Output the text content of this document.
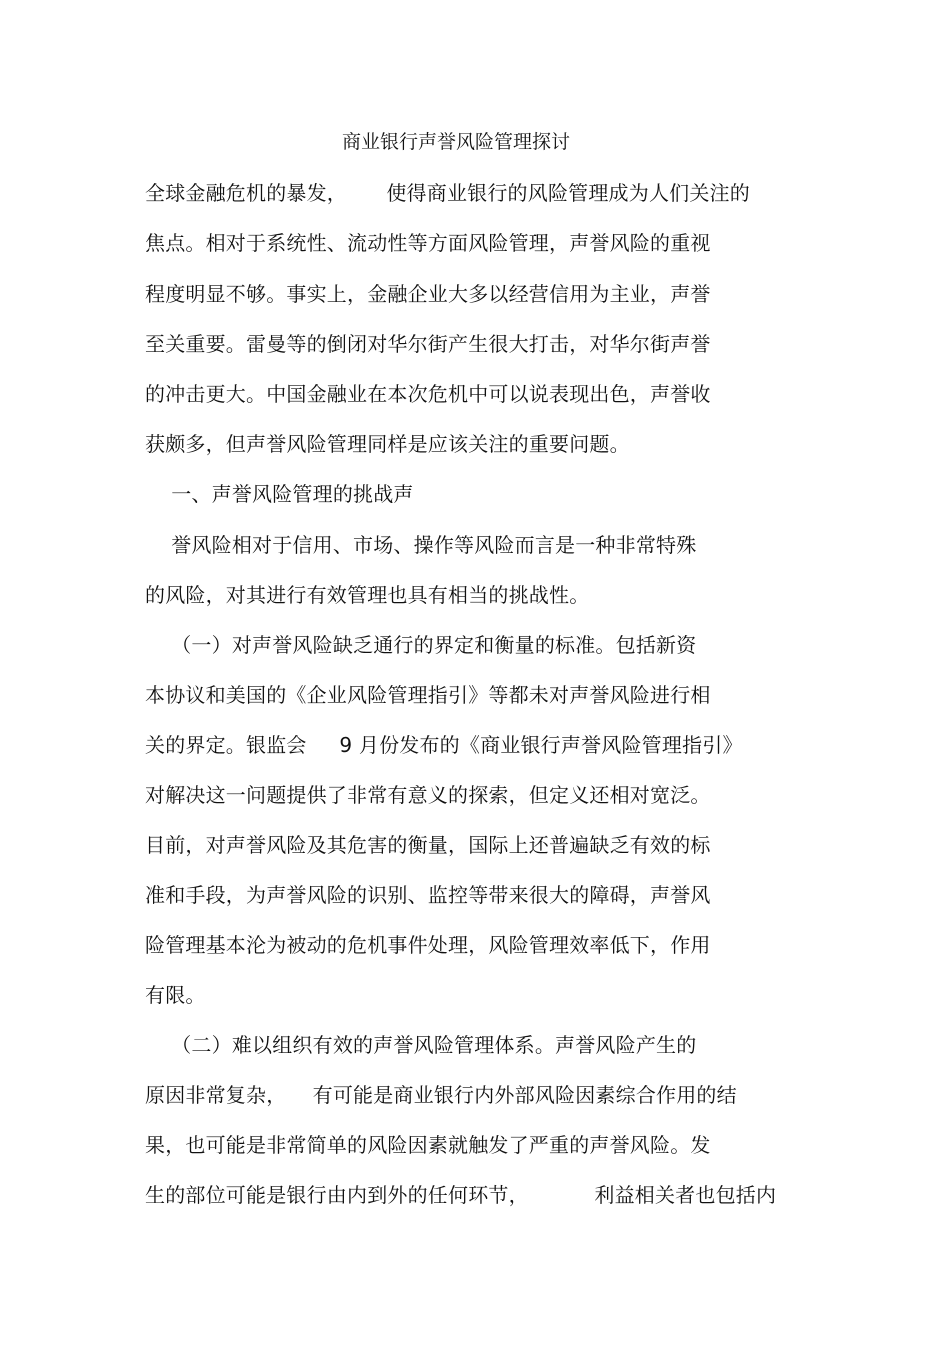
商业银行声誉风险管理探讨
全球金融危机的暴发，      使得商业银行的风险管理成为人们关注的
焦点。相对于系统性、流动性等方面风险管理，声誉风险的重视
程度明显不够。事实上，金融企业大多以经营信用为主业，声誉
至关重要。雷曼等的倒闭对华尔街产生很大打击，对华尔街声誉
的冲击更大。中国金融业在本次危机中可以说表现出色，声誉收
获颇多，但声誉风险管理同样是应该关注的重要问题。
一、声誉风险管理的挑战声
誉风险相对于信用、市场、操作等风险而言是一种非常特殊
的风险，对其进行有效管理也具有相当的挑战性。
（一）对声誉风险缺乏通行的界定和衡量的标准。包括新资
本协议和美国的《企业风险管理指引》等都未对声誉风险进行相
关的界定。银监会     9 月份发布的《商业银行声誉风险管理指引》
对解决这一问题提供了非常有意义的探索，但定义还相对宽泛。
目前，对声誉风险及其危害的衡量，国际上还普遍缺乏有效的标
准和手段，为声誉风险的识别、监控等带来很大的障碍，声誉风
险管理基本沦为被动的危机事件处理，风险管理效率低下，作用
有限。
（二）难以组织有效的声誉风险管理体系。声誉风险产生的
原因非常复杂，    有可能是商业银行内外部风险因素综合作用的结
果，也可能是非常简单的风险因素就触发了严重的声誉风险。发
生的部位可能是银行由内到外的任何环节，          利益相关者也包括内
